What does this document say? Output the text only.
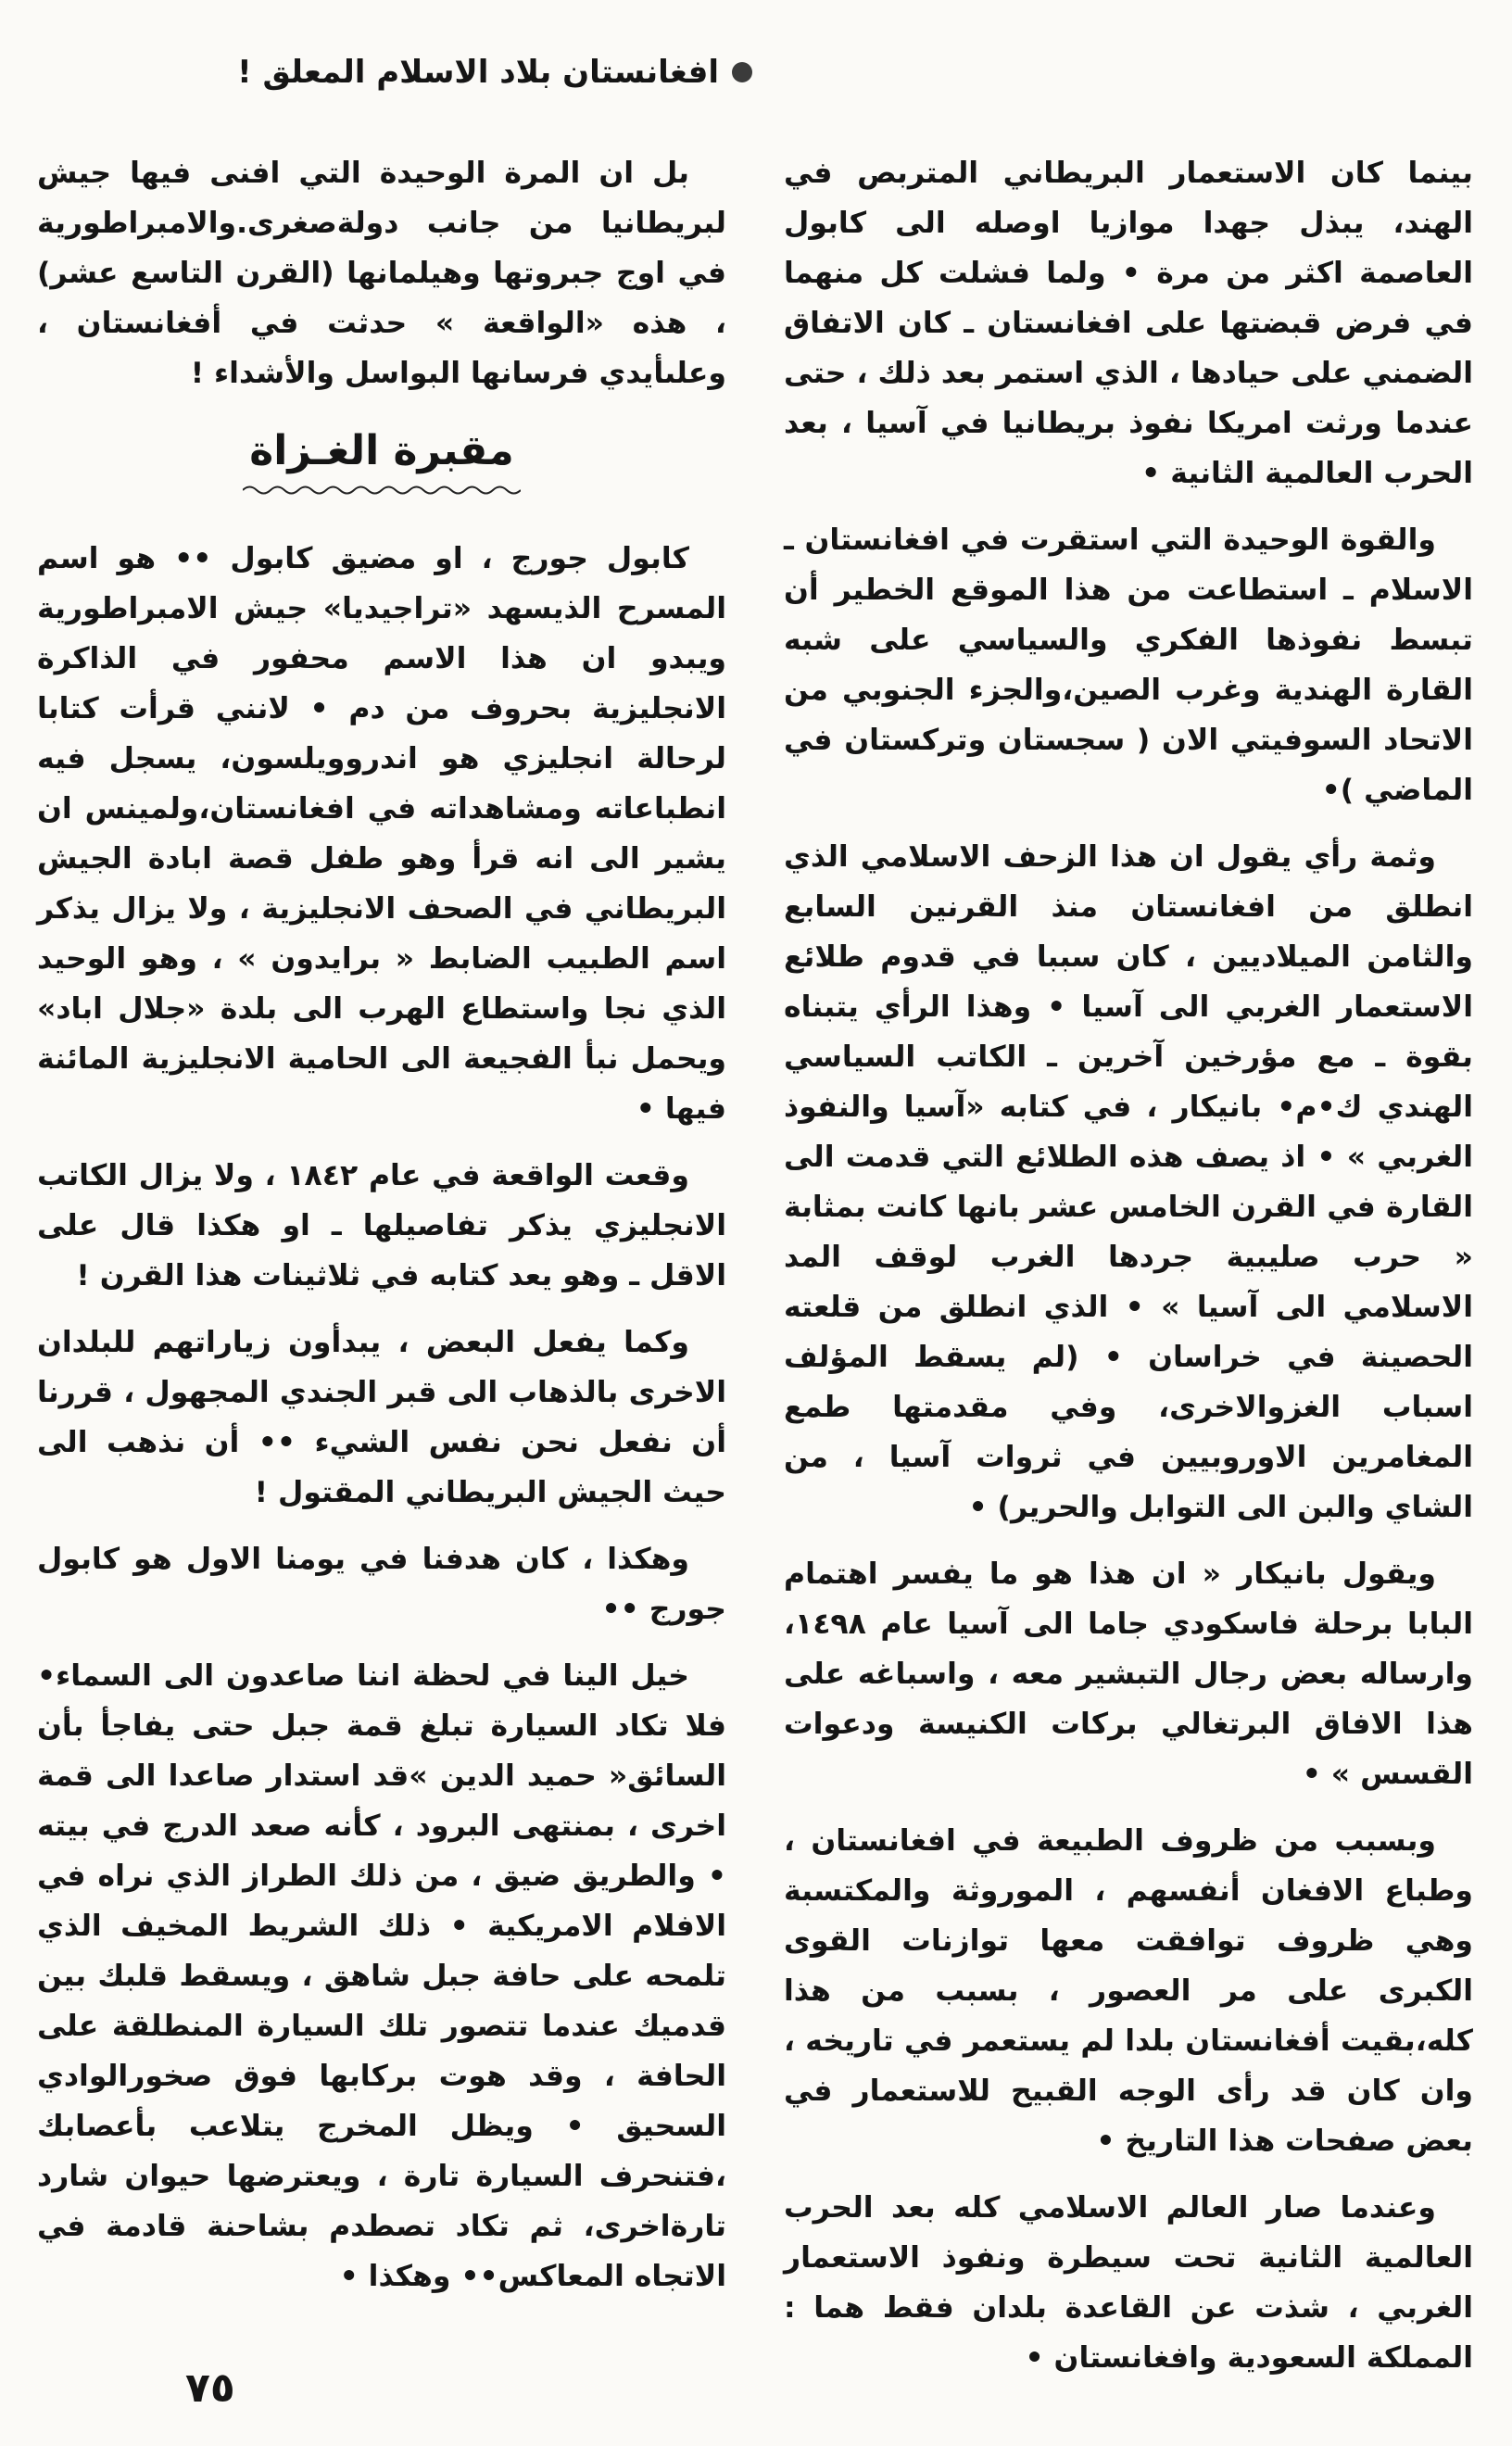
افغانستان بلاد الاسلام المعلق !

بينما كان الاستعمار البريطاني المتربص في الهند، يبذل جهدا موازيا اوصله الى كابول العاصمة اكثر من مرة • ولما فشلت كل منهما في فرض قبضتها على افغانستان ـ كان الاتفاق الضمني على حيادها ، الذي استمر بعد ذلك ، حتى عندما ورثت امريكا نفوذ بريطانيا في آسيا ، بعد الحرب العالمية الثانية •

والقوة الوحيدة التي استقرت في افغانستان ـ الاسلام ـ استطاعت من هذا الموقع الخطير أن تبسط نفوذها الفكري والسياسي على شبه القارة الهندية وغرب الصين،والجزء الجنوبي من الاتحاد السوفيتي الان ( سجستان وتركستان في الماضي )•

وثمة رأي يقول ان هذا الزحف الاسلامي الذي انطلق من افغانستان منذ القرنين السابع والثامن الميلاديين ، كان سببا في قدوم طلائع الاستعمار الغربي الى آسيا • وهذا الرأي يتبناه بقوة ـ مع مؤرخين آخرين ـ الكاتب السياسي الهندي ك•م• بانيكار ، في كتابه «آسيا والنفوذ الغربي » • اذ يصف هذه الطلائع التي قدمت الى القارة في القرن الخامس عشر بانها كانت بمثابة « حرب صليبية جردها الغرب لوقف المد الاسلامي الى آسيا » • الذي انطلق من قلعته الحصينة في خراسان • (لم يسقط المؤلف اسباب الغزوالاخرى، وفي مقدمتها طمع المغامرين الاوروبيين في ثروات آسيا ، من الشاي والبن الى التوابل والحرير) •

ويقول بانيكار « ان هذا هو ما يفسر اهتمام البابا برحلة فاسكودي جاما الى آسيا عام ١٤٩٨، وارساله بعض رجال التبشير معه ، واسباغه على هذا الافاق البرتغالي بركات الكنيسة ودعوات القسس » •

وبسبب من ظروف الطبيعة في افغانستان ، وطباع الافغان أنفسهم ، الموروثة والمكتسبة وهي ظروف توافقت معها توازنات القوى الكبرى على مر العصور ، بسبب من هذا كله،بقيت أفغانستان بلدا لم يستعمر في تاريخه ، وان كان قد رأى الوجه القبيح للاستعمار في بعض صفحات هذا التاريخ •

وعندما صار العالم الاسلامي كله بعد الحرب العالمية الثانية تحت سيطرة ونفوذ الاستعمار الغربي ، شذت عن القاعدة بلدان فقط هما : المملكة السعودية وافغانستان •

بل ان المرة الوحيدة التي افنى فيها جيش لبريطانيا من جانب دولةصغرى.والامبراطورية في اوج جبروتها وهيلمانها (القرن التاسع عشر) ، هذه «الواقعة » حدثت في أفغانستان ، وعلىأيدي فرسانها البواسل والأشداء !

مقبرة الغـزاة

كابول جورج ، او مضيق كابول •• هو اسم المسرح الذيسهد «تراجيديا» جيش الامبراطورية ويبدو ان هذا الاسم محفور في الذاكرة الانجليزية بحروف من دم • لانني قرأت كتابا لرحالة انجليزي هو اندروويلسون، يسجل فيه انطباعاته ومشاهداته في افغانستان،ولمينس ان يشير الى انه قرأ وهو طفل قصة ابادة الجيش البريطاني في الصحف الانجليزية ، ولا يزال يذكر اسم الطبيب الضابط « برايدون » ، وهو الوحيد الذي نجا واستطاع الهرب الى بلدة «جلال اباد» ويحمل نبأ الفجيعة الى الحامية الانجليزية المائنة فيها •

وقعت الواقعة في عام ١٨٤٢ ، ولا يزال الكاتب الانجليزي يذكر تفاصيلها ـ او هكذا قال على الاقل ـ وهو يعد كتابه في ثلاثينات هذا القرن !

وكما يفعل البعض ، يبدأون زياراتهم للبلدان الاخرى بالذهاب الى قبر الجندي المجهول ، قررنا أن نفعل نحن نفس الشيء •• أن نذهب الى حيث الجيش البريطاني المقتول !

وهكذا ، كان هدفنا في يومنا الاول هو كابول جورج ••

خيل الينا في لحظة اننا صاعدون الى السماء• فلا تكاد السيارة تبلغ قمة جبل حتى يفاجأ بأن السائق« حميد الدين »قد استدار صاعدا الى قمة اخرى ، بمنتهى البرود ، كأنه صعد الدرج في بيته • والطريق ضيق ، من ذلك الطراز الذي نراه في الافلام الامريكية • ذلك الشريط المخيف الذي تلمحه على حافة جبل شاهق ، ويسقط قلبك بين قدميك عندما تتصور تلك السيارة المنطلقة على الحافة ، وقد هوت بركابها فوق صخورالوادي السحيق • ويظل المخرج يتلاعب بأعصابك ،فتنحرف السيارة تارة ، ويعترضها حيوان شارد تارةاخرى، ثم تكاد تصطدم بشاحنة قادمة في الاتجاه المعاكس•• وهكذا •

٧٥
